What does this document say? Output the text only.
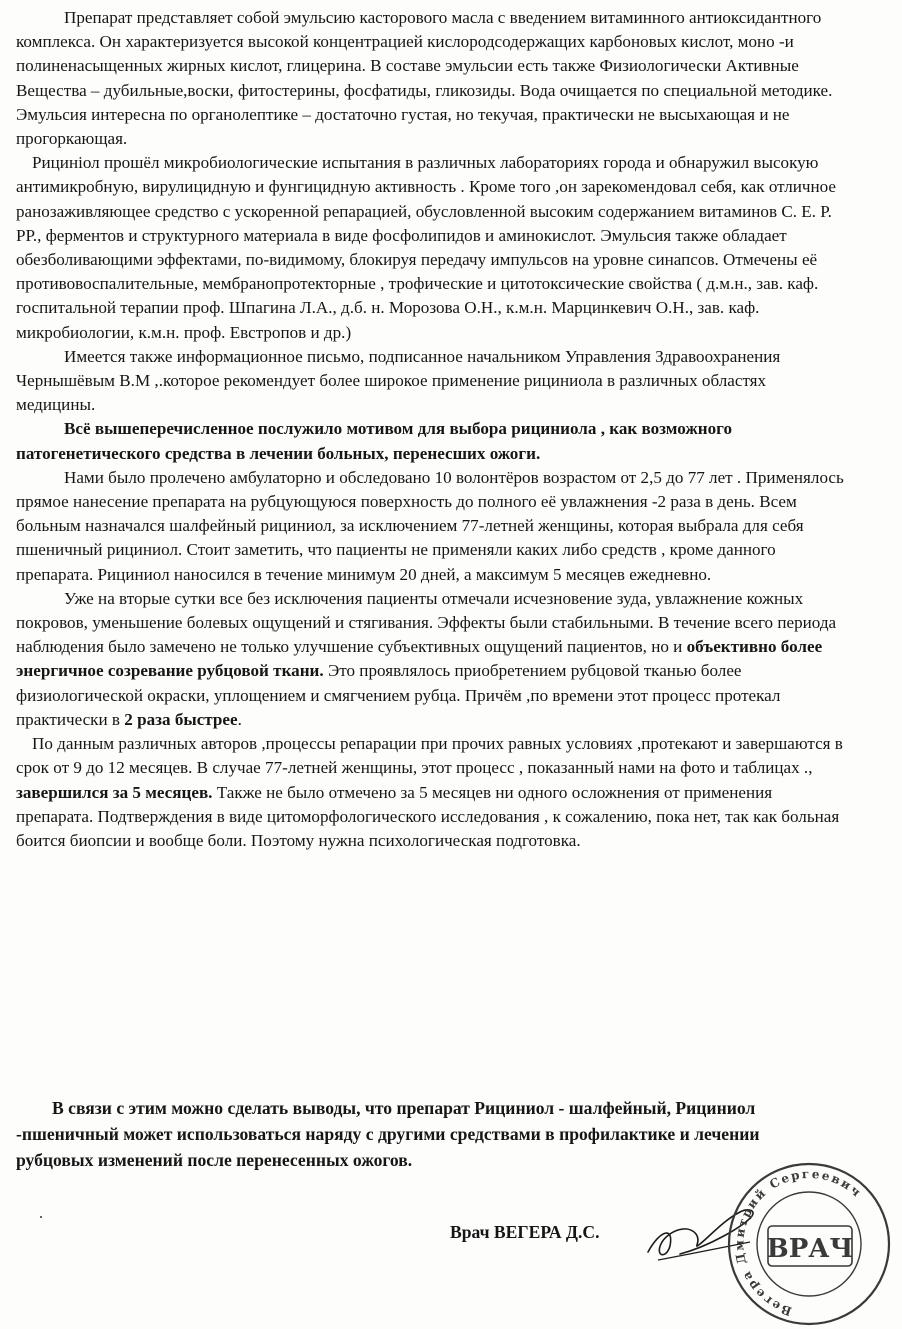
Препарат представляет собой эмульсию касторового масла с введением витаминного антиоксидантного комплекса. Он характеризуется высокой концентрацией кислородсодержащих карбоновых кислот, моно -и полиненасыщенных жирных кислот, глицерина. В составе эмульсии есть также Физиологически Активные Вещества – дубильные,воски, фитостерины, фосфатиды, гликозиды. Вода очищается по специальной методике. Эмульсия интересна по органолептике – достаточно густая, но текучая, практически не высыхающая и не прогоркающая.

Рицинiол прошёл микробиологические испытания в различных лабораториях города и обнаружил высокую антимикробную, вирулицидную и фунгицидную активность . Кроме того ,он зарекомендовал себя, как отличное ранозаживляющее средство с ускоренной репарацией, обусловленной высоким содержанием витаминов С. Е. Р. РР., ферментов и структурного материала в виде фосфолипидов и аминокислот. Эмульсия также обладает обезболивающими эффектами, по-видимому, блокируя передачу импульсов на уровне синапсов. Отмечены её противовоспалительные, мембранопротекторные , трофические и цитотоксические свойства ( д.м.н., зав. каф. госпитальной терапии проф. Шпагина Л.А., д.б. н. Морозова О.Н., к.м.н. Марцинкевич О.Н., зав. каф. микробиологии, к.м.н. проф. Евстропов и др.)

Имеется также информационное письмо, подписанное начальником Управления Здравоохранения Чернышёвым В.М ,.которое рекомендует более широкое применение рициниола в различных областях медицины.

Всё вышеперечисленное послужило мотивом для выбора рициниола , как возможного патогенетического средства в лечении больных, перенесших ожоги.

Нами было пролечено амбулаторно и обследовано 10 волонтёров возрастом от 2,5 до 77 лет . Применялось прямое нанесение препарата на рубцующуюся поверхность до полного её увлажнения -2 раза в день. Всем больным назначался шалфейный рициниол, за исключением 77-летней женщины, которая выбрала для себя пшеничный рициниол. Стоит заметить, что пациенты не применяли каких либо средств , кроме данного препарата. Рициниол наносился в течение минимум 20 дней, а максимум 5 месяцев ежедневно.

Уже на вторые сутки все без исключения пациенты отмечали исчезновение зуда, увлажнение кожных покровов, уменьшение болевых ощущений и стягивания. Эффекты были стабильными. В течение всего периода наблюдения было замечено не только улучшение субъективных ощущений пациентов, но и объективно более энергичное созревание рубцовой ткани. Это проявлялось приобретением рубцовой тканью более физиологической окраски, уплощением и смягчением рубца. Причём ,по времени этот процесс протекал практически в 2 раза быстрее.

По данным различных авторов ,процессы репарации при прочих равных условиях ,протекают и завершаются в срок от 9 до 12 месяцев. В случае 77-летней женщины, этот процесс , показанный нами на фото и таблицах ., завершился за 5 месяцев. Также не было отмечено за 5 месяцев ни одного осложнения от применения препарата. Подтверждения в виде цитоморфологического исследования , к сожалению, пока нет, так как больная боится биопсии и вообще боли. Поэтому нужна психологическая подготовка.

В связи с этим можно сделать выводы, что препарат Рициниол - шалфейный, Рициниол -пшеничный может использоваться наряду с другими средствами в профилактике и лечении рубцовых изменений после перенесенных ожогов.

Врач ВЕГЕРА Д.С.
Вегера Дмитрий Сергеевич
ВРАЧ
